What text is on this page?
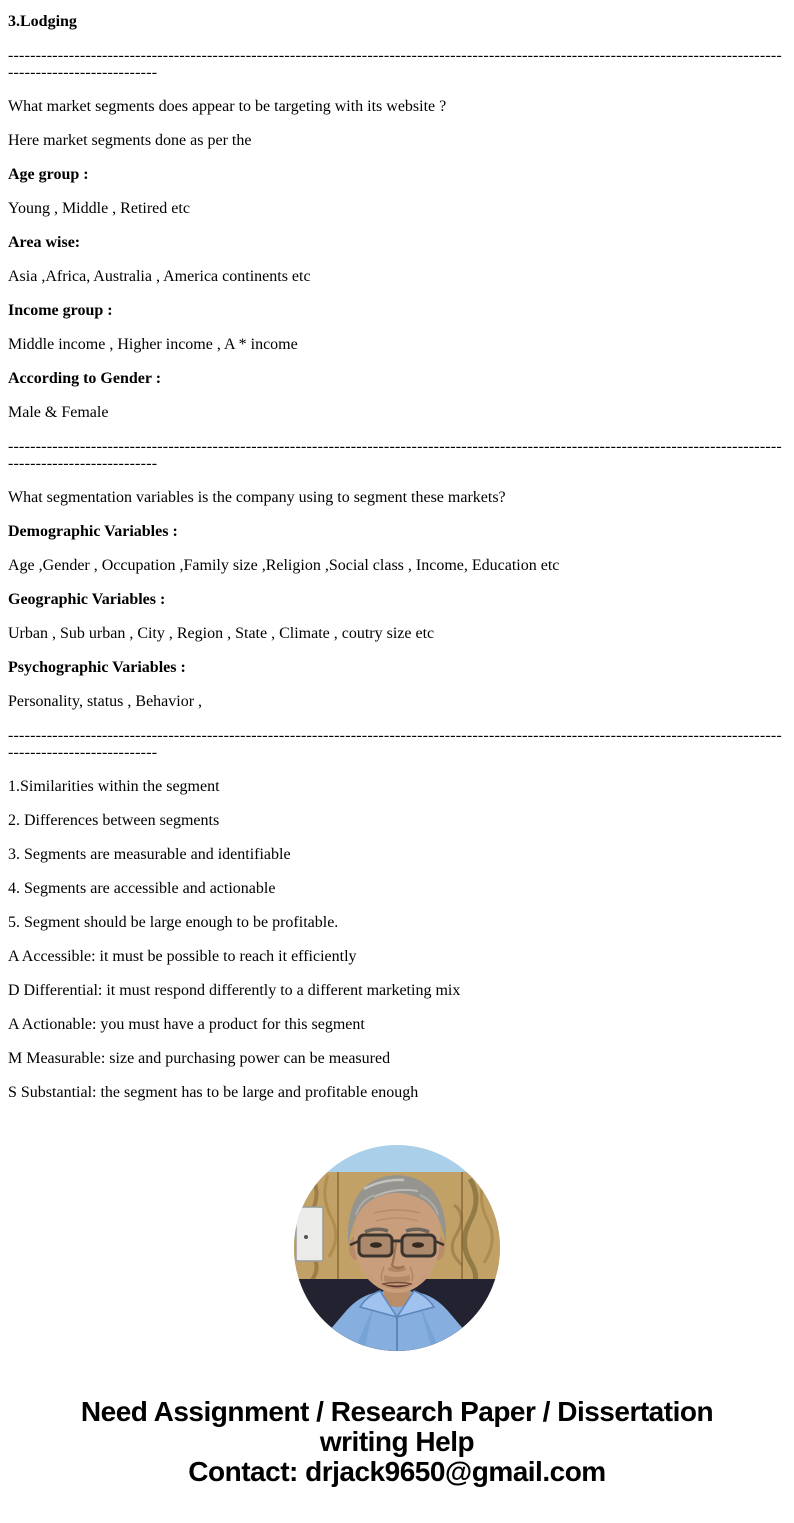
3.Lodging

-----------------------------------------------------------------------------------------------------------------------------------------------------------------------

What market segments does appear to be targeting with its website ?

Here market segments done as per the

Age group :

Young , Middle , Retired etc

Area wise:

Asia ,Africa, Australia , America continents etc

Income group :

Middle income , Higher income , A * income

According to Gender :

Male & Female

-----------------------------------------------------------------------------------------------------------------------------------------------------------------------

What segmentation variables is the company using to segment these markets?

Demographic Variables :

Age ,Gender , Occupation ,Family size ,Religion ,Social class , Income, Education etc

Geographic Variables :

Urban , Sub urban , City , Region , State , Climate , coutry size etc

Psychographic Variables :

Personality, status , Behavior ,

-----------------------------------------------------------------------------------------------------------------------------------------------------------------------

1.Similarities within the segment

2. Differences between segments

3. Segments are measurable and identifiable

4. Segments are accessible and actionable

5. Segment should be large enough to be profitable.

A Accessible: it must be possible to reach it efficiently

D Differential: it must respond differently to a different marketing mix

A Actionable: you must have a product for this segment

M Measurable: size and purchasing power can be measured

S Substantial: the segment has to be large and profitable enough

Need Assignment / Research Paper / Dissertation
writing Help
Contact: drjack9650@gmail.com
